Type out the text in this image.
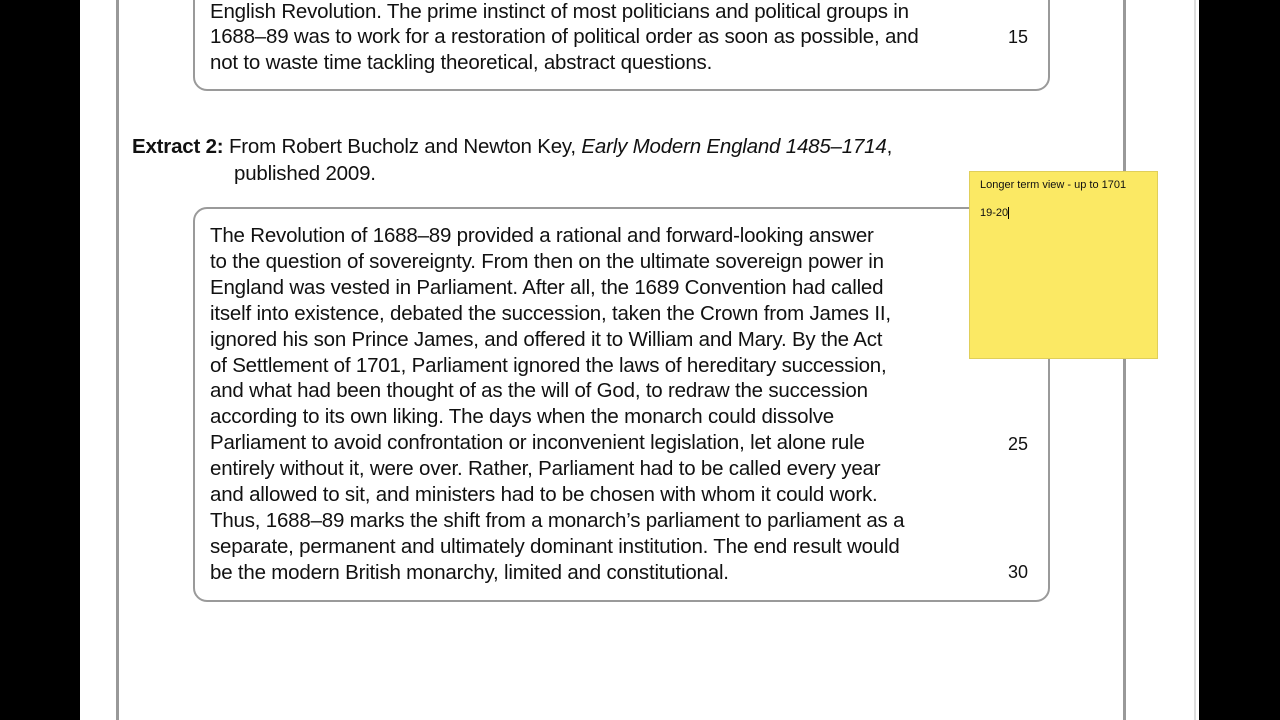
English Revolution. The prime instinct of most politicians and political groups in
1688–89 was to work for a restoration of political order as soon as possible, and
not to waste time tackling theoretical, abstract questions.
15
Extract 2: From Robert Bucholz and Newton Key, Early Modern England 1485–1714,
published 2009.
The Revolution of 1688–89 provided a rational and forward-looking answer
to the question of sovereignty. From then on the ultimate sovereign power in
England was vested in Parliament. After all, the 1689 Convention had called
itself into existence, debated the succession, taken the Crown from James II,
ignored his son Prince James, and offered it to William and Mary. By the Act
of Settlement of 1701, Parliament ignored the laws of hereditary succession,
and what had been thought of as the will of God, to redraw the succession
according to its own liking. The days when the monarch could dissolve
Parliament to avoid confrontation or inconvenient legislation, let alone rule
entirely without it, were over. Rather, Parliament had to be called every year
and allowed to sit, and ministers had to be chosen with whom it could work.
Thus, 1688–89 marks the shift from a monarch’s parliament to parliament as a
separate, permanent and ultimately dominant institution. The end result would
be the modern British monarchy, limited and constitutional.
25
30

Longer term view - up to 1701

19-20
